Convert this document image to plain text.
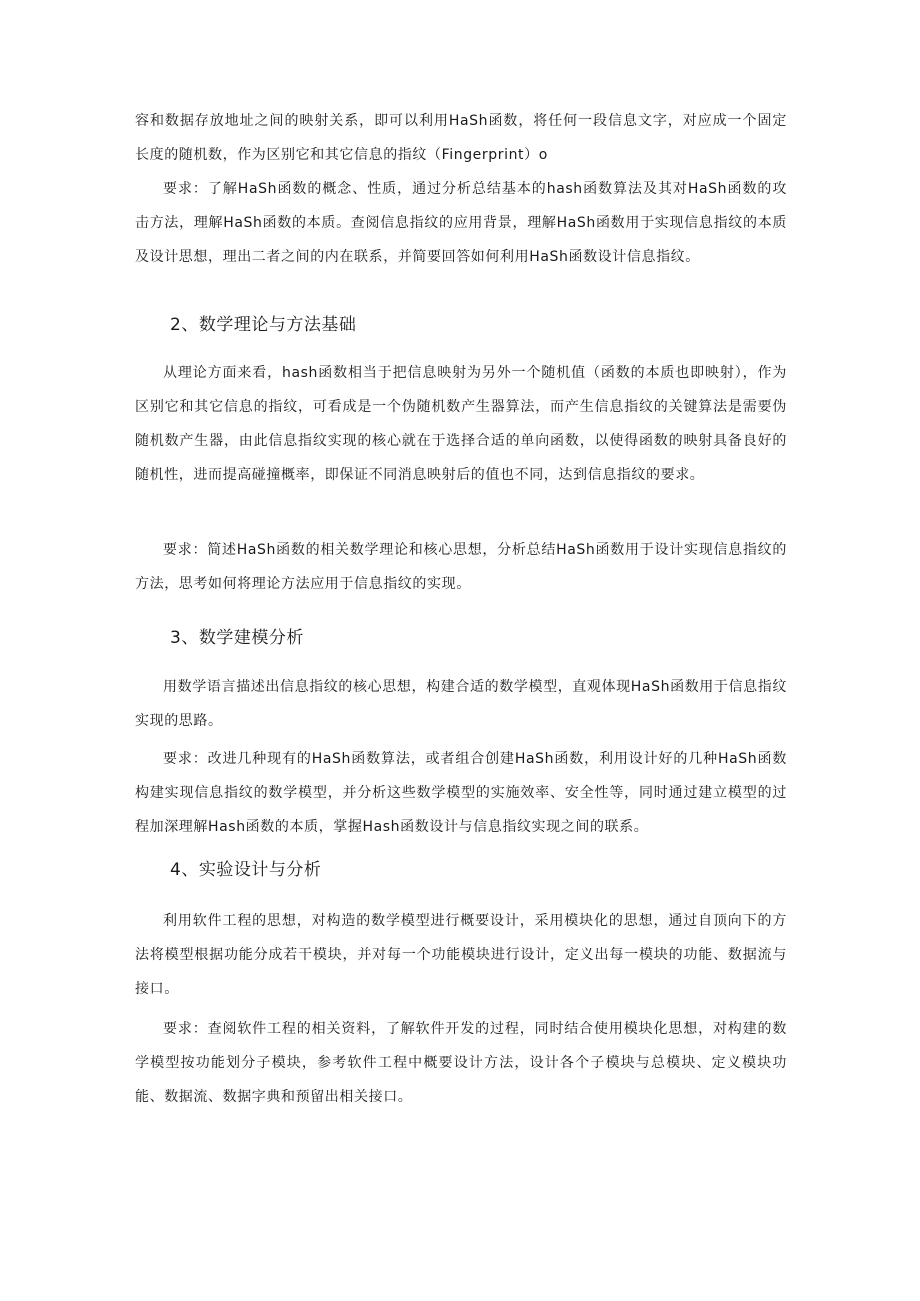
容和数据存放地址之间的映射关系，即可以利用HaSh函数，将任何一段信息文字，对应成一个固定长度的随机数，作为区别它和其它信息的指纹（Fingerprint）o

要求：了解HaSh函数的概念、性质，通过分析总结基本的hash函数算法及其对HaSh函数的攻击方法，理解HaSh函数的本质。查阅信息指纹的应用背景，理解HaSh函数用于实现信息指纹的本质及设计思想，理出二者之间的内在联系，并简要回答如何利用HaSh函数设计信息指纹。

2、数学理论与方法基础

从理论方面来看，hash函数相当于把信息映射为另外一个随机值（函数的本质也即映射），作为区别它和其它信息的指纹，可看成是一个伪随机数产生器算法，而产生信息指纹的关键算法是需要伪随机数产生器，由此信息指纹实现的核心就在于选择合适的单向函数，以使得函数的映射具备良好的随机性，进而提高碰撞概率，即保证不同消息映射后的值也不同，达到信息指纹的要求。

要求：简述HaSh函数的相关数学理论和核心思想，分析总结HaSh函数用于设计实现信息指纹的方法，思考如何将理论方法应用于信息指纹的实现。

3、数学建模分析

用数学语言描述出信息指纹的核心思想，构建合适的数学模型，直观体现HaSh函数用于信息指纹实现的思路。

要求：改进几种现有的HaSh函数算法，或者组合创建HaSh函数，利用设计好的几种HaSh函数构建实现信息指纹的数学模型，并分析这些数学模型的实施效率、安全性等，同时通过建立模型的过程加深理解Hash函数的本质，掌握Hash函数设计与信息指纹实现之间的联系。

4、实验设计与分析

利用软件工程的思想，对构造的数学模型进行概要设计，采用模块化的思想，通过自顶向下的方法将模型根据功能分成若干模块，并对每一个功能模块进行设计，定义出每一模块的功能、数据流与接口。

要求：查阅软件工程的相关资料，了解软件开发的过程，同时结合使用模块化思想，对构建的数学模型按功能划分子模块，参考软件工程中概要设计方法，设计各个子模块与总模块、定义模块功能、数据流、数据字典和预留出相关接口。
